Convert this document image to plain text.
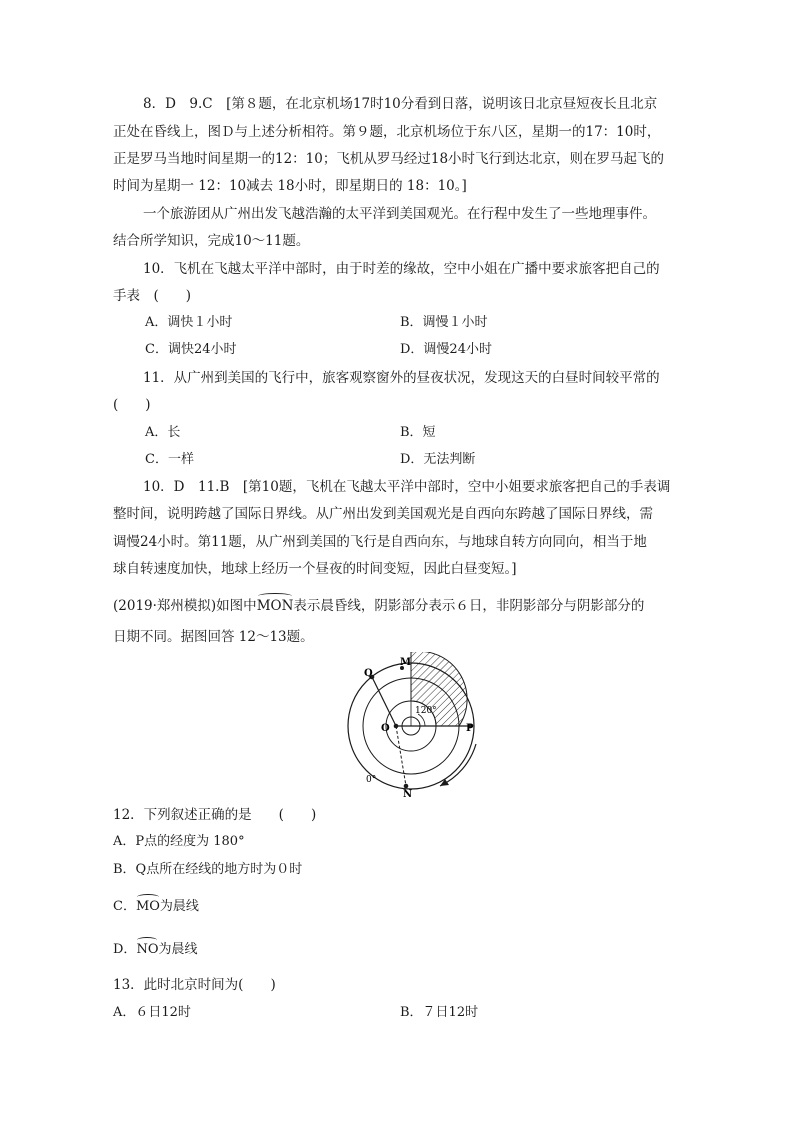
8．D　9.C　[第８题，在北京机场17时10分看到日落，说明该日北京昼短夜长且北京
正处在昏线上，图Ｄ与上述分析相符。第９题，北京机场位于东八区，星期一的17：10时，
正是罗马当地时间星期一的12：10；飞机从罗马经过18小时飞行到达北京，则在罗马起飞的
时间为星期一 12：10减去 18小时，即星期日的 18：10。]
一个旅游团从广州出发飞越浩瀚的太平洋到美国观光。在行程中发生了一些地理事件。
结合所学知识，完成10～11题。
10．飞机在飞越太平洋中部时，由于时差的缘故，空中小姐在广播中要求旅客把自己的
手表　(　　)
A．调快１小时	B．调慢１小时
C．调快24小时	D．调慢24小时
11．从广州到美国的飞行中，旅客观察窗外的昼夜状况，发现这天的白昼时间较平常的
(　　)
A．长	B．短
C．一样	D．无法判断
10．D　11.B　[第10题，飞机在飞越太平洋中部时，空中小姐要求旅客把自己的手表调
整时间，说明跨越了国际日界线。从广州出发到美国观光是自西向东跨越了国际日界线，需
调慢24小时。第11题，从广州到美国的飞行是自西向东，与地球自转方向同向，相当于地
球自转速度加快，地球上经历一个昼夜的时间变短，因此白昼变短。]
(2019·郑州模拟)如图中MON表示晨昏线，阴影部分表示６日，非阴影部分与阴影部分的
日期不同。据图回答 12～13题。
Q
M
O	P
N
120°
0°
12．下列叙述正确的是　　(　　)
A．P点的经度为 180°
B．Q点所在经线的地方时为０时
C．MO为晨线
D．NO为晨线
13．此时北京时间为(　　)
A．６日12时	B．７日12时
